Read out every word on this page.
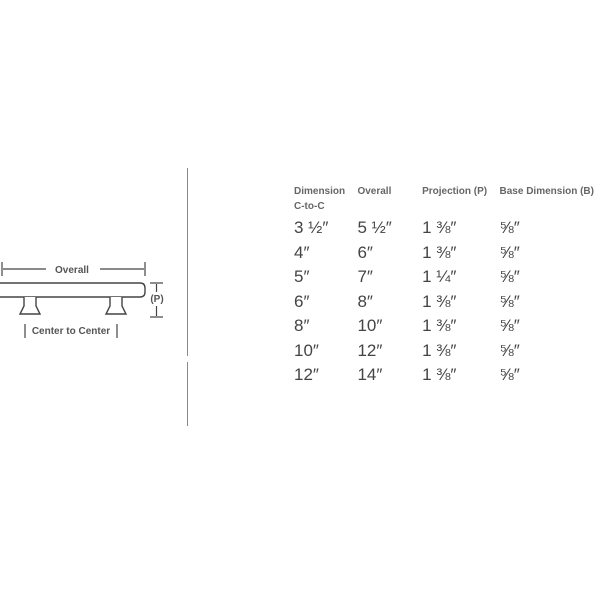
Overall
(P)
Center to Center
Dimension
C-to-C	Overall	Projection (P)	Base Dimension (B)
3 ½″	5 ½″	1 ⅜″	⅝″
4″	6″	1 ⅜″	⅝″
5″	7″	1 ¼″	⅝″
6″	8″	1 ⅜″	⅝″
8″	10″	1 ⅜″	⅝″
10″	12″	1 ⅜″	⅝″
12″	14″	1 ⅜″	⅝″
